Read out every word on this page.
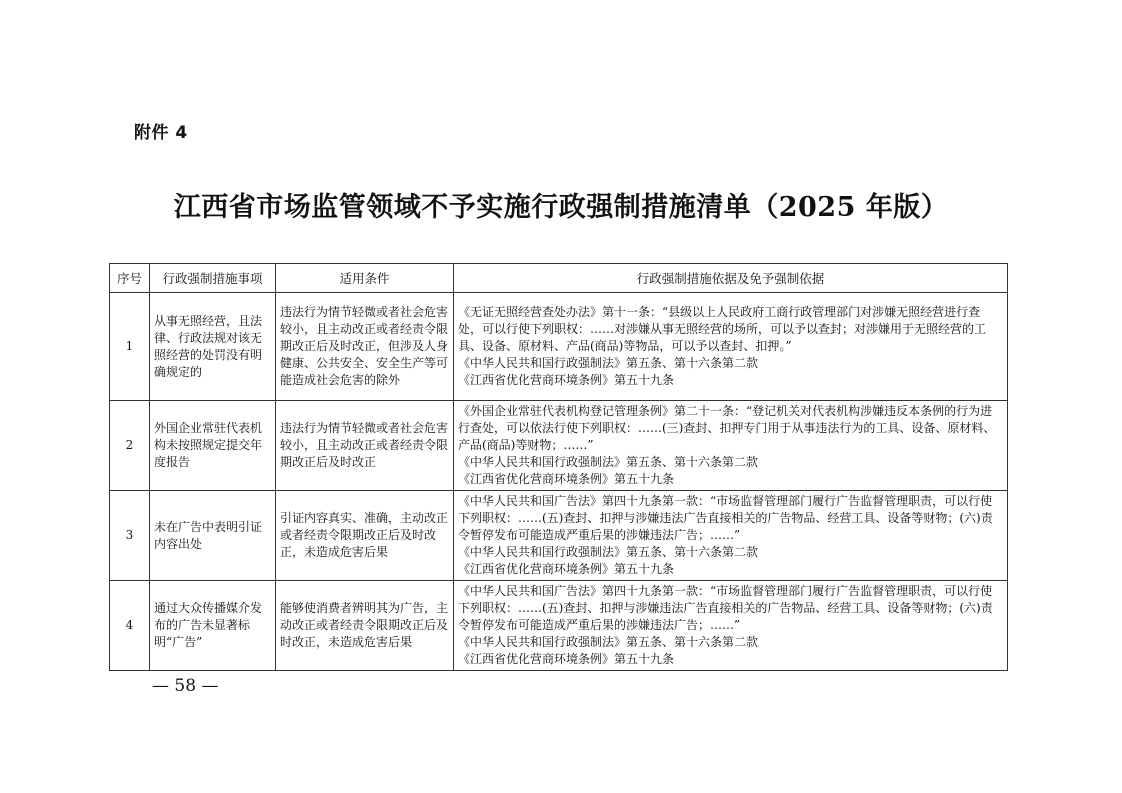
附件 4
江西省市场监管领域不予实施行政强制措施清单（2025 年版）
序号	行政强制措施事项	适用条件	行政强制措施依据及免予强制依据
1	从事无照经营，且法律、行政法规对该无照经营的处罚没有明确规定的	违法行为情节轻微或者社会危害较小，且主动改正或者经责令限期改正后及时改正，但涉及人身健康、公共安全、安全生产等可能造成社会危害的除外	《无证无照经营查处办法》第十一条：“县级以上人民政府工商行政管理部门对涉嫌无照经营进行查处，可以行使下列职权：……对涉嫌从事无照经营的场所，可以予以查封；对涉嫌用于无照经营的工具、设备、原材料、产品(商品)等物品，可以予以查封、扣押。”
《中华人民共和国行政强制法》第五条、第十六条第二款
《江西省优化营商环境条例》第五十九条

2	外国企业常驻代表机构未按照规定提交年度报告	违法行为情节轻微或者社会危害较小，且主动改正或者经责令限期改正后及时改正	《外国企业常驻代表机构登记管理条例》第二十一条：“登记机关对代表机构涉嫌违反本条例的行为进行查处，可以依法行使下列职权：……(三)查封、扣押专门用于从事违法行为的工具、设备、原材料、产品(商品)等财物；……”
《中华人民共和国行政强制法》第五条、第十六条第二款
《江西省优化营商环境条例》第五十九条

3	未在广告中表明引证内容出处	引证内容真实、准确，主动改正或者经责令限期改正后及时改正，未造成危害后果	《中华人民共和国广告法》第四十九条第一款：“市场监督管理部门履行广告监督管理职责，可以行使下列职权：……(五)查封、扣押与涉嫌违法广告直接相关的广告物品、经营工具、设备等财物；(六)责令暂停发布可能造成严重后果的涉嫌违法广告；……”
《中华人民共和国行政强制法》第五条、第十六条第二款
《江西省优化营商环境条例》第五十九条

4	通过大众传播媒介发布的广告未显著标明“广告”	能够使消费者辨明其为广告，主动改正或者经责令限期改正后及时改正，未造成危害后果	《中华人民共和国广告法》第四十九条第一款：“市场监督管理部门履行广告监督管理职责，可以行使下列职权：……(五)查封、扣押与涉嫌违法广告直接相关的广告物品、经营工具、设备等财物；(六)责令暂停发布可能造成严重后果的涉嫌违法广告；……”
《中华人民共和国行政强制法》第五条、第十六条第二款
《江西省优化营商环境条例》第五十九条
— 58 —
